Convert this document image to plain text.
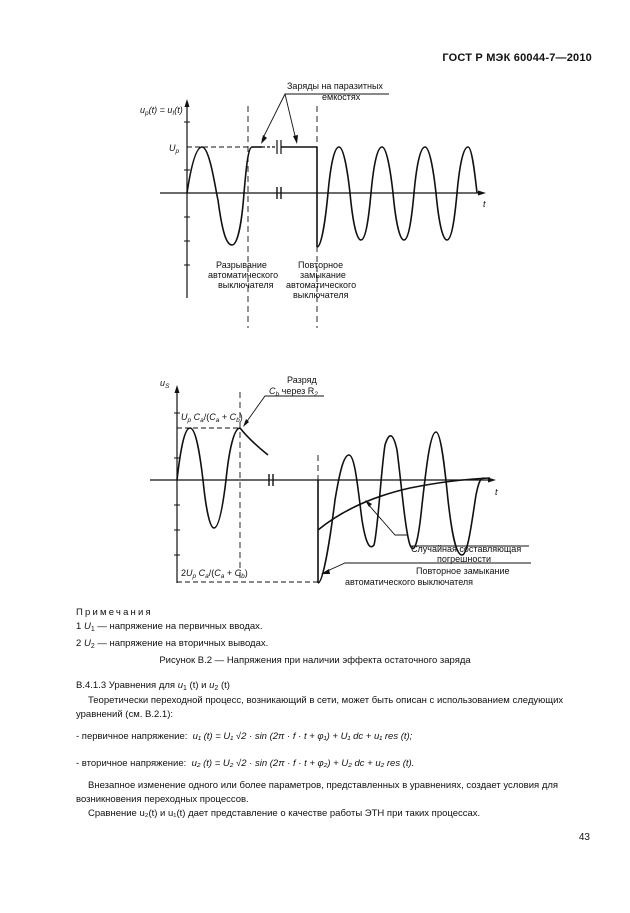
ГОСТ Р МЭК 60044-7—2010
$u_p(t) = u_I(t)$
$U_p$
t
Заряды на паразитных
емкостях
Разрывание
автоматического
выключателя
Повторное
замыкание
автоматического
выключателя
$u_S$
t
Разряд
$C_b$ через $R_2$
$U_p$ $C_a/(C_a + C_b)$
$2U_p$ $C_a/(C_a + C_b)$
Случайная составляющая
погрешности
Повторное замыкание
автоматического выключателя
Примечания
1 $U_1$ — напряжение на первичных вводах.
2 $U_2$ — напряжение на вторичных выводах.
Рисунок В.2 — Напряжения при наличии эффекта остаточного заряда
В.4.1.3 Уравнения для $u_1$ (t) и $u_2$ (t)
Теоретически переходной процесс, возникающий в сети, может быть описан с использованием следующих уравнений (см. В.2.1):
- первичное напряжение: u₁ (t) = U₁ √2 · sin (2π · f · t + φ₁) + U₁ dc + u₁ res (t);
- вторичное напряжение: u₂ (t) = U₂ √2 · sin (2π · f · t + φ₂) + U₂ dc + u₂ res (t).
Внезапное изменение одного или более параметров, представленных в уравнениях, создает условия для возникновения переходных процессов.
Сравнение u₂(t) и u₁(t) дает представление о качестве работы ЭТН при таких процессах.
43
